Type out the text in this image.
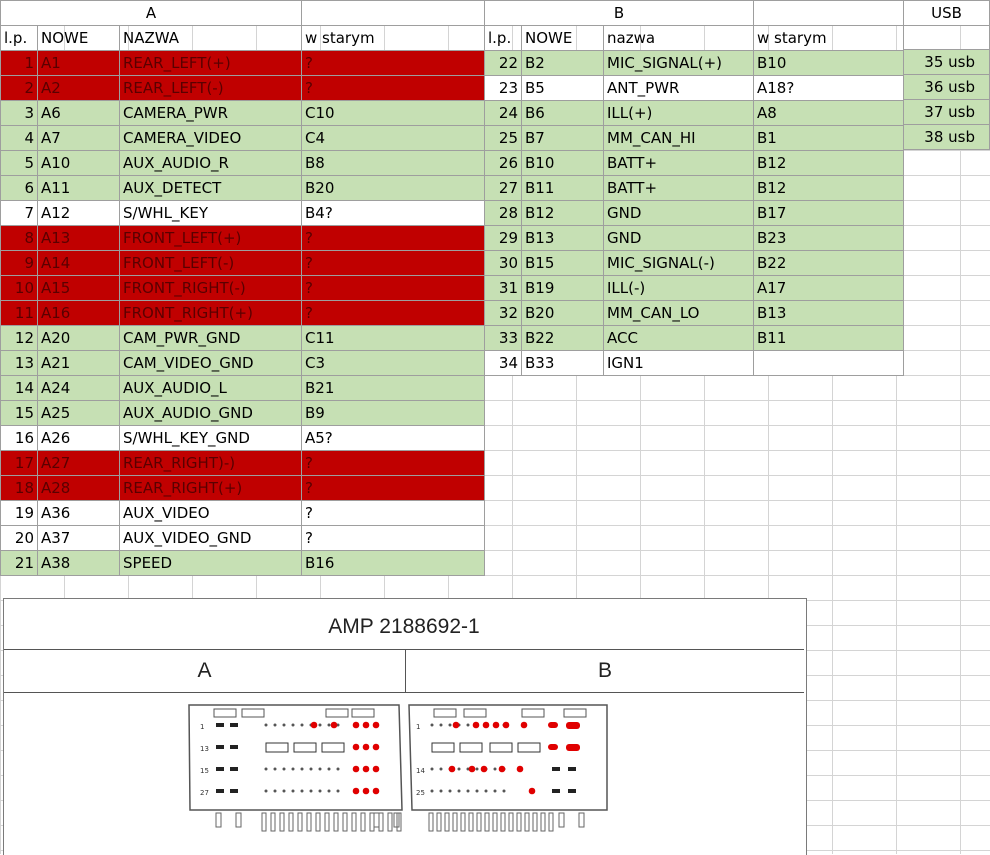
A			
l.p.	NOWE	NAZWA	w starym
1	A1	REAR_LEFT(+)	?
2	A2	REAR_LEFT(-)	?
3	A6	CAMERA_PWR	C10
4	A7	CAMERA_VIDEO	C4
5	A10	AUX_AUDIO_R	B8
6	A11	AUX_DETECT	B20
7	A12	S/WHL_KEY	B4?
8	A13	FRONT_LEFT(+)	?
9	A14	FRONT_LEFT(-)	?
10	A15	FRONT_RIGHT(-)	?
11	A16	FRONT_RIGHT(+)	?
12	A20	CAM_PWR_GND	C11
13	A21	CAM_VIDEO_GND	C3
14	A24	AUX_AUDIO_L	B21
15	A25	AUX_AUDIO_GND	B9
16	A26	S/WHL_KEY_GND	A5?
17	A27	REAR_RIGHT)-)	?
18	A28	REAR_RIGHT(+)	?
19	A36	AUX_VIDEO	?
20	A37	AUX_VIDEO_GND	?
21	A38	SPEED	B16
B			
l.p.	NOWE	nazwa	w starym
22	B2	MIC_SIGNAL(+)	B10
23	B5	ANT_PWR	A18?
24	B6	ILL(+)	A8
25	B7	MM_CAN_HI	B1
26	B10	BATT+	B12
27	B11	BATT+	B12
28	B12	GND	B17
29	B13	GND	B23
30	B15	MIC_SIGNAL(-)	B22
31	B19	ILL(-)	A17
32	B20	MM_CAN_LO	B13
33	B22	ACC	B11
34	B33	IGN1	
USB

35 usb
36 usb
37 usb
38 usb
AMP 2188692-1
A	B
1
13
15
27
1
14
25
